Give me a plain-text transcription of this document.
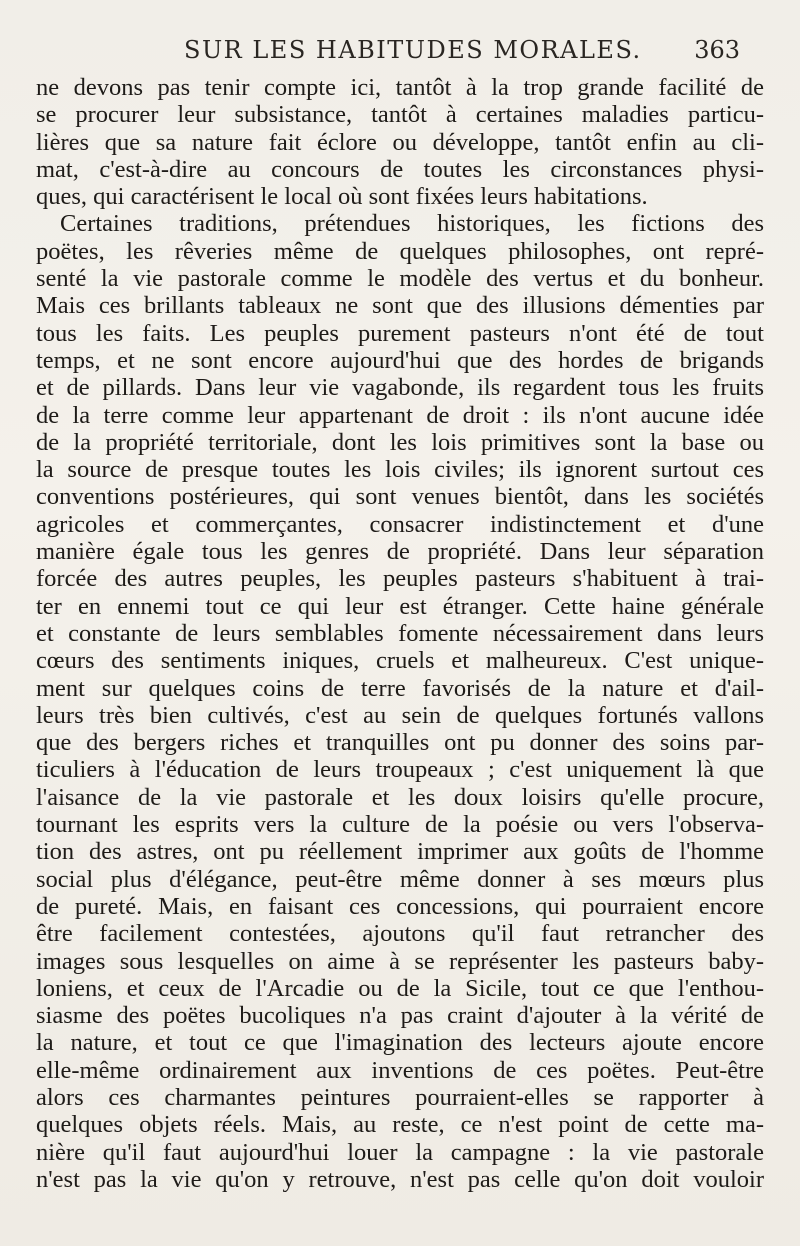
SUR LES HABITUDES MORALES. 363
ne devons pas tenir compte ici, tantôt à la trop grande facilité de
se procurer leur subsistance, tantôt à certaines maladies particu-
lières que sa nature fait éclore ou développe, tantôt enfin au cli-
mat, c'est-à-dire au concours de toutes les circonstances physi-
ques, qui caractérisent le local où sont fixées leurs habitations.
Certaines traditions, prétendues historiques, les fictions des
poëtes, les rêveries même de quelques philosophes, ont repré-
senté la vie pastorale comme le modèle des vertus et du bonheur.
Mais ces brillants tableaux ne sont que des illusions démenties par
tous les faits. Les peuples purement pasteurs n'ont été de tout
temps, et ne sont encore aujourd'hui que des hordes de brigands
et de pillards. Dans leur vie vagabonde, ils regardent tous les fruits
de la terre comme leur appartenant de droit : ils n'ont aucune idée
de la propriété territoriale, dont les lois primitives sont la base ou
la source de presque toutes les lois civiles; ils ignorent surtout ces
conventions postérieures, qui sont venues bientôt, dans les sociétés
agricoles et commerçantes, consacrer indistinctement et d'une
manière égale tous les genres de propriété. Dans leur séparation
forcée des autres peuples, les peuples pasteurs s'habituent à trai-
ter en ennemi tout ce qui leur est étranger. Cette haine générale
et constante de leurs semblables fomente nécessairement dans leurs
cœurs des sentiments iniques, cruels et malheureux. C'est unique-
ment sur quelques coins de terre favorisés de la nature et d'ail-
leurs très bien cultivés, c'est au sein de quelques fortunés vallons
que des bergers riches et tranquilles ont pu donner des soins par-
ticuliers à l'éducation de leurs troupeaux ; c'est uniquement là que
l'aisance de la vie pastorale et les doux loisirs qu'elle procure,
tournant les esprits vers la culture de la poésie ou vers l'observa-
tion des astres, ont pu réellement imprimer aux goûts de l'homme
social plus d'élégance, peut-être même donner à ses mœurs plus
de pureté. Mais, en faisant ces concessions, qui pourraient encore
être facilement contestées, ajoutons qu'il faut retrancher des
images sous lesquelles on aime à se représenter les pasteurs baby-
loniens, et ceux de l'Arcadie ou de la Sicile, tout ce que l'enthou-
siasme des poëtes bucoliques n'a pas craint d'ajouter à la vérité de
la nature, et tout ce que l'imagination des lecteurs ajoute encore
elle-même ordinairement aux inventions de ces poëtes. Peut-être
alors ces charmantes peintures pourraient-elles se rapporter à
quelques objets réels. Mais, au reste, ce n'est point de cette ma-
nière qu'il faut aujourd'hui louer la campagne : la vie pastorale
n'est pas la vie qu'on y retrouve, n'est pas celle qu'on doit vouloir
